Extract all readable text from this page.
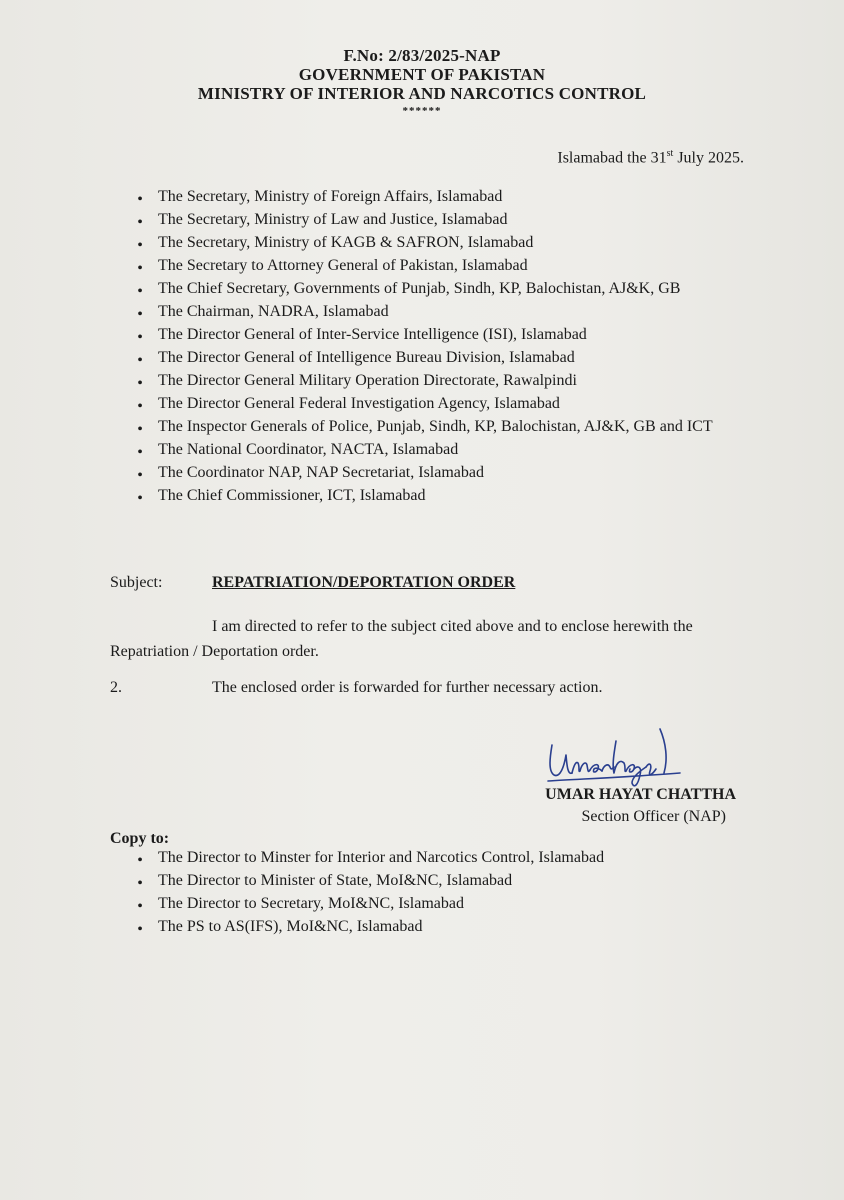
F.No: 2/83/2025-NAP
GOVERNMENT OF PAKISTAN
MINISTRY OF INTERIOR AND NARCOTICS CONTROL
******
Islamabad the 31st July 2025.
• The Secretary, Ministry of Foreign Affairs, Islamabad
• The Secretary, Ministry of Law and Justice, Islamabad
• The Secretary, Ministry of KAGB & SAFRON, Islamabad
• The Secretary to Attorney General of Pakistan, Islamabad
• The Chief Secretary, Governments of Punjab, Sindh, KP, Balochistan, AJ&K, GB
• The Chairman, NADRA, Islamabad
• The Director General of Inter-Service Intelligence (ISI), Islamabad
• The Director General of Intelligence Bureau Division, Islamabad
• The Director General Military Operation Directorate, Rawalpindi
• The Director General Federal Investigation Agency, Islamabad
• The Inspector Generals of Police, Punjab, Sindh, KP, Balochistan, AJ&K, GB and ICT
• The National Coordinator, NACTA, Islamabad
• The Coordinator NAP, NAP Secretariat, Islamabad
• The Chief Commissioner, ICT, Islamabad
Subject:	REPATRIATION/DEPORTATION ORDER
I am directed to refer to the subject cited above and to enclose herewith the Repatriation / Deportation order.
2.	The enclosed order is forwarded for further necessary action.
UMAR HAYAT CHATTHA
Section Officer (NAP)
Copy to:
• The Director to Minster for Interior and Narcotics Control, Islamabad
• The Director to Minister of State, MoI&NC, Islamabad
• The Director to Secretary, MoI&NC, Islamabad
• The PS to AS(IFS), MoI&NC, Islamabad
